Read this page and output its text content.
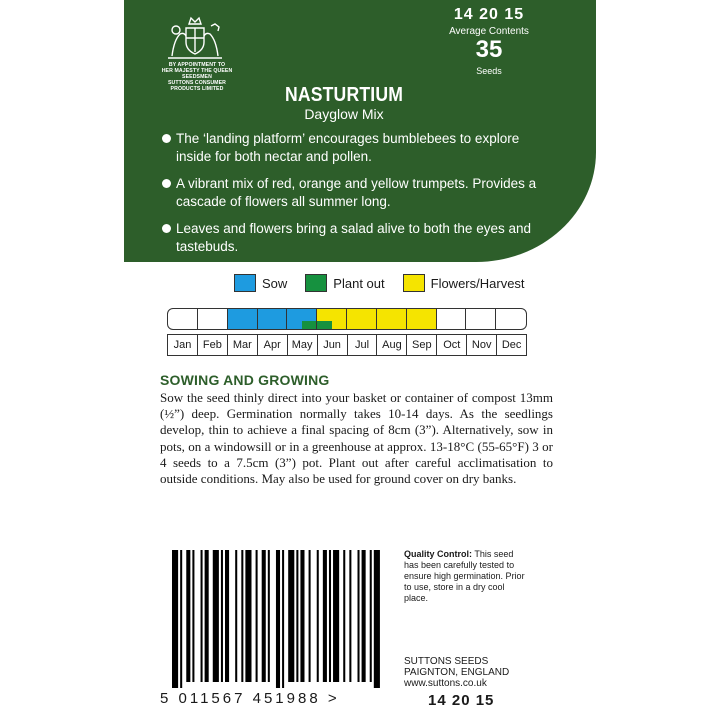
BY APPOINTMENT TO
HER MAJESTY THE QUEEN
SEEDSMEN
SUTTONS CONSUMER
PRODUCTS LIMITED
14 20 15
Average Contents
35
Seeds
NASTURTIUM
Dayglow Mix
The ‘landing platform’ encourages bumblebees to explore inside for both nectar and pollen.
A vibrant mix of red, orange and yellow trumpets. Provides a cascade of flowers all summer long.
Leaves and flowers bring a salad alive to both the eyes and tastebuds.
Sow	Plant out	Flowers/Harvest
Jan	Feb Mar	Apr May Jun	Jul	Aug Sep	Oct	Nov Dec
SOWING AND GROWING
Sow the seed thinly direct into your basket or container of compost 13mm (½”) deep. Germination normally takes 10-14 days. As the seedlings develop, thin to achieve a final spacing of 8cm (3”). Alternatively, sow in pots, on a windowsill or in a greenhouse at approx. 13-18°C (55-65°F) 3 or 4 seeds to a 7.5cm (3”) pot. Plant out after careful acclimatisation to outside conditions. May also be used for ground cover on dry banks.
5 011567 451988 >
Quality Control: This seed has been carefully tested to ensure high germination. Prior to use, store in a dry cool place.
SUTTONS SEEDS
PAIGNTON, ENGLAND
www.suttons.co.uk
14 20 15
